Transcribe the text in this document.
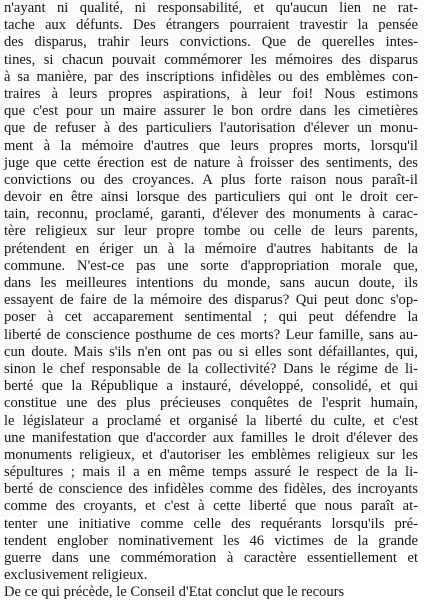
n'ayant ni qualité, ni responsabilité, et qu'aucun lien ne rat-
tache aux défunts. Des étrangers pourraient travestir la pensée
des disparus, trahir leurs convictions. Que de querelles intes-
tines, si chacun pouvait commémorer les mémoires des disparus
à sa manière, par des inscriptions infidèles ou des emblèmes con-
traires à leurs propres aspirations, à leur foi! Nous estimons
que c'est pour un maire assurer le bon ordre dans les cimetières
que de refuser à des particuliers l'autorisation d'élever un monu-
ment à la mémoire d'autres que leurs propres morts, lorsqu'il
juge que cette érection est de nature à froisser des sentiments, des
convictions ou des croyances. A plus forte raison nous paraît-il
devoir en être ainsi lorsque des particuliers qui ont le droit cer-
tain, reconnu, proclamé, garanti, d'élever des monuments à carac-
tère religieux sur leur propre tombe ou celle de leurs parents,
prétendent en ériger un à la mémoire d'autres habitants de la
commune. N'est-ce pas une sorte d'appropriation morale que,
dans les meilleures intentions du monde, sans aucun doute, ils
essayent de faire de la mémoire des disparus? Qui peut donc s'op-
poser à cet accaparement sentimental ; qui peut défendre la
liberté de conscience posthume de ces morts? Leur famille, sans au-
cun doute. Mais s'ils n'en ont pas ou si elles sont défaillantes, qui,
sinon le chef responsable de la collectivité? Dans le régime de li-
berté que la République a instauré, développé, consolidé, et qui
constitue une des plus précieuses conquêtes de l'esprit humain,
le législateur a proclamé et organisé la liberté du culte, et c'est
une manifestation que d'accorder aux familles le droit d'élever des
monuments religieux, et d'autoriser les emblèmes religieux sur les
sépultures ; mais il a en même temps assuré le respect de la li-
berté de conscience des infidèles comme des fidèles, des incroyants
comme des croyants, et c'est à cette liberté que nous paraît at-
tenter une initiative comme celle des requérants lorsqu'ils pré-
tendent englober nominativement les 46 victimes de la grande
guerre dans une commémoration à caractère essentiellement et
exclusivement religieux.
De ce qui précède, le Conseil d'Etat conclut que le recours
